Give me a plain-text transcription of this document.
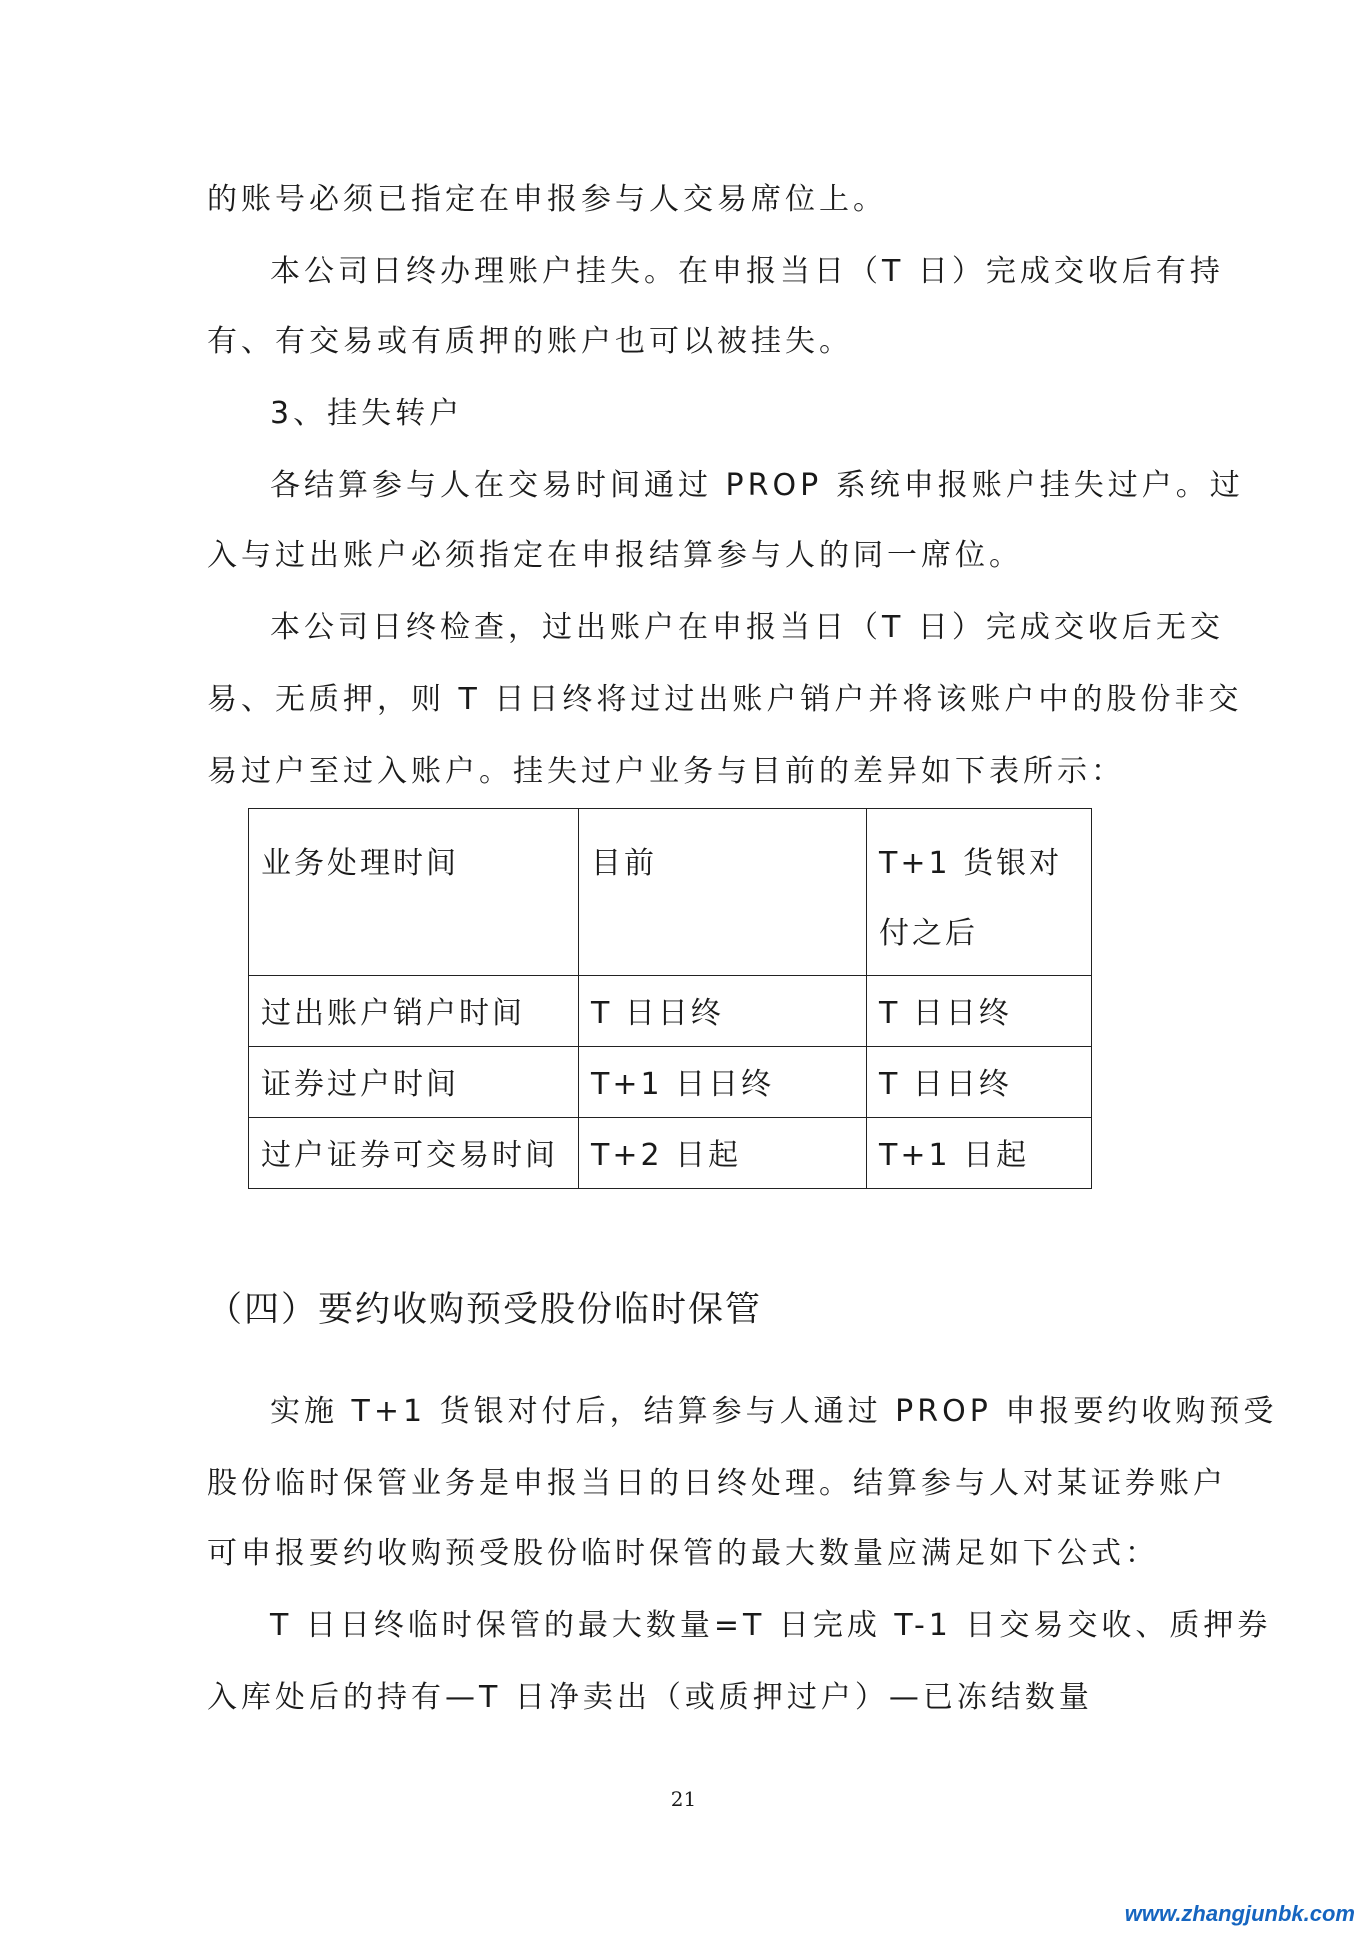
的账号必须已指定在申报参与人交易席位上。
本公司日终办理账户挂失。在申报当日（T 日）完成交收后有持
有、有交易或有质押的账户也可以被挂失。
3、挂失转户
各结算参与人在交易时间通过 PROP 系统申报账户挂失过户。过
入与过出账户必须指定在申报结算参与人的同一席位。
本公司日终检查，过出账户在申报当日（T 日）完成交收后无交
易、无质押，则 T 日日终将过过出账户销户并将该账户中的股份非交
易过户至过入账户。挂失过户业务与目前的差异如下表所示：
业务处理时间	目前	T+1 货银对付之后
过出账户销户时间	T 日日终	T 日日终
证券过户时间	T+1 日日终	T 日日终
过户证券可交易时间	T+2 日起	T+1 日起
（四）要约收购预受股份临时保管
实施 T+1 货银对付后，结算参与人通过 PROP 申报要约收购预受
股份临时保管业务是申报当日的日终处理。结算参与人对某证券账户
可申报要约收购预受股份临时保管的最大数量应满足如下公式：
T 日日终临时保管的最大数量=T 日完成 T-1 日交易交收、质押券
入库处后的持有—T 日净卖出（或质押过户）—已冻结数量
21
www.zhangjunbk.com
